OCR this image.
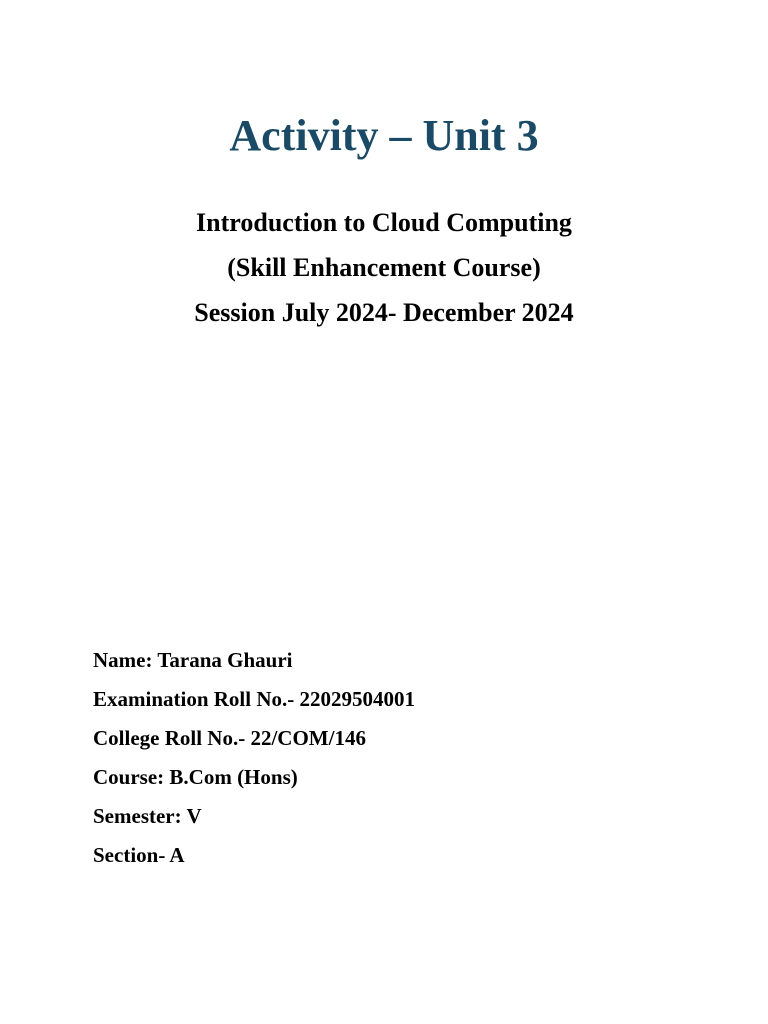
Activity – Unit 3

Introduction to Cloud Computing

(Skill Enhancement Course)

Session July 2024- December 2024

Name: Tarana Ghauri

Examination Roll No.- 22029504001

College Roll No.- 22/COM/146

Course: B.Com (Hons)

Semester: V

Section- A
